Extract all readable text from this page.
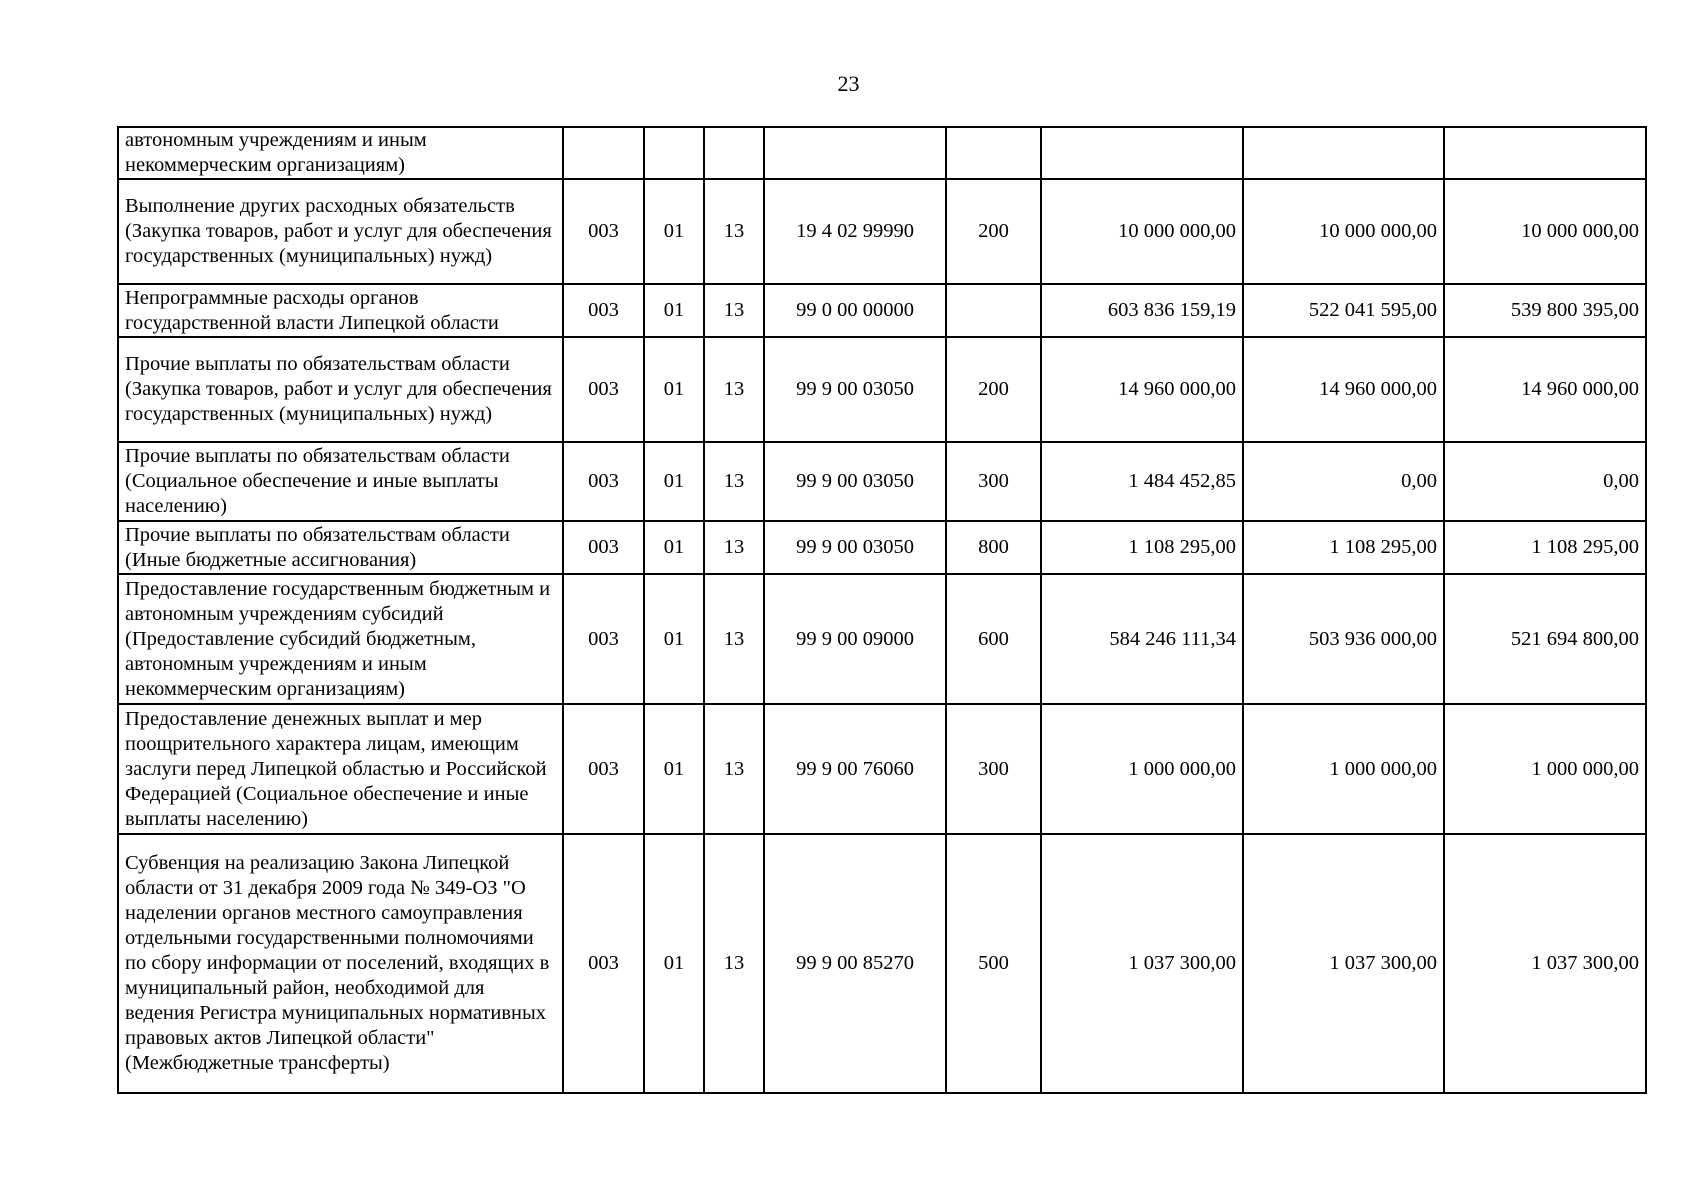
23
автономным учреждениям и иным некоммерческим организациям)								
Выполнение других расходных обязательств (Закупка товаров, работ и услуг для обеспечения государственных (муниципальных) нужд)	003	01	13	19 4 02 99990	200	10 000 000,00	10 000 000,00	10 000 000,00
Непрограммные расходы органов государственной власти Липецкой области	003	01	13	99 0 00 00000		603 836 159,19	522 041 595,00	539 800 395,00
Прочие выплаты по обязательствам области (Закупка товаров, работ и услуг для обеспечения государственных (муниципальных) нужд)	003	01	13	99 9 00 03050	200	14 960 000,00	14 960 000,00	14 960 000,00
Прочие выплаты по обязательствам области (Социальное обеспечение и иные выплаты населению)	003	01	13	99 9 00 03050	300	1 484 452,85	0,00	0,00
Прочие выплаты по обязательствам области (Иные бюджетные ассигнования)	003	01	13	99 9 00 03050	800	1 108 295,00	1 108 295,00	1 108 295,00
Предоставление государственным бюджетным и автономным учреждениям субсидий (Предоставление субсидий бюджетным, автономным учреждениям и иным некоммерческим организациям)	003	01	13	99 9 00 09000	600	584 246 111,34	503 936 000,00	521 694 800,00
Предоставление денежных выплат и мер поощрительного характера лицам, имеющим заслуги перед Липецкой областью и Российской Федерацией (Социальное обеспечение и иные выплаты населению)	003	01	13	99 9 00 76060	300	1 000 000,00	1 000 000,00	1 000 000,00
Субвенция на реализацию Закона Липецкой области от 31 декабря 2009 года № 349-ОЗ "О наделении органов местного самоуправления отдельными государственными полномочиями по сбору информации от поселений, входящих в муниципальный район, необходимой для ведения Регистра муниципальных нормативных правовых актов Липецкой области" (Межбюджетные трансферты)	003	01	13	99 9 00 85270	500	1 037 300,00	1 037 300,00	1 037 300,00
